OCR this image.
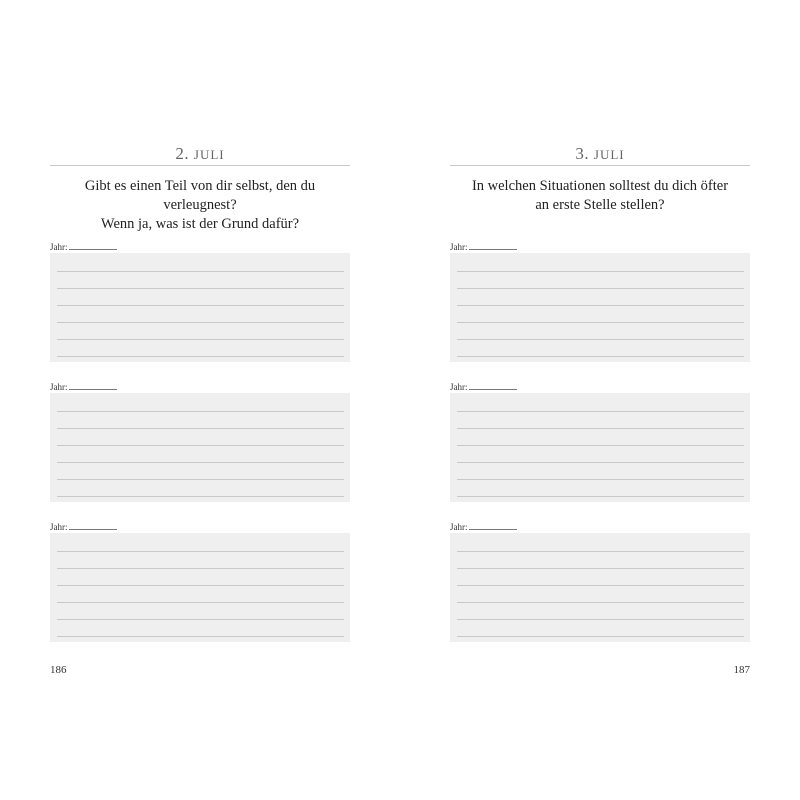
2. JULI
Gibt es einen Teil von dir selbst, den du verleugnest?
Wenn ja, was ist der Grund dafür?
Jahr:
Jahr:
Jahr:
186
3. JULI
In welchen Situationen solltest du dich öfter
an erste Stelle stellen?
Jahr:
Jahr:
Jahr:
187
